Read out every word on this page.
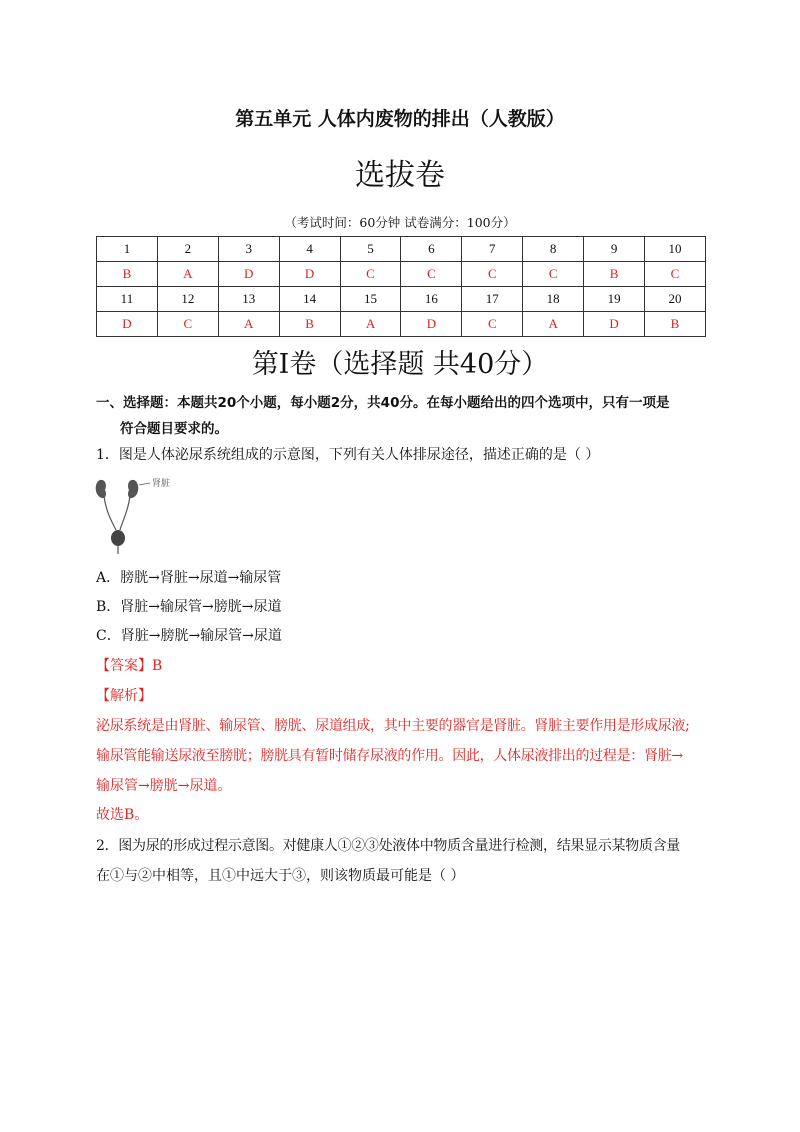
第五单元 人体内废物的排出（人教版）
选拔卷
（考试时间：60分钟 试卷满分：100分）
1	2	3	4	5	6	7	8	9	10
B	A	D	D	C	C	C	C	B	C
11	12	13	14	15	16	17	18	19	20
D	C	A	B	A	D	C	A	D	B
第Ⅰ卷（选择题 共40分）
一、选择题：本题共20个小题，每小题2分，共40分。在每小题给出的四个选项中，只有一项是
符合题目要求的。
1．图是人体泌尿系统组成的示意图，下列有关人体排尿途径，描述正确的是（ ）
肾脏
A．膀胱→肾脏→尿道→输尿管
B．肾脏→输尿管→膀胱→尿道
C．肾脏→膀胱→输尿管→尿道
【答案】B
【解析】
泌尿系统是由肾脏、输尿管、膀胱、尿道组成，其中主要的器官是肾脏。肾脏主要作用是形成尿液;
输尿管能输送尿液至膀胱；膀胱具有暂时储存尿液的作用。因此，人体尿液排出的过程是：肾脏→
输尿管→膀胱→尿道。
故选B。
2．图为尿的形成过程示意图。对健康人①②③处液体中物质含量进行检测，结果显示某物质含量
在①与②中相等，且①中远大于③，则该物质最可能是（ ）
